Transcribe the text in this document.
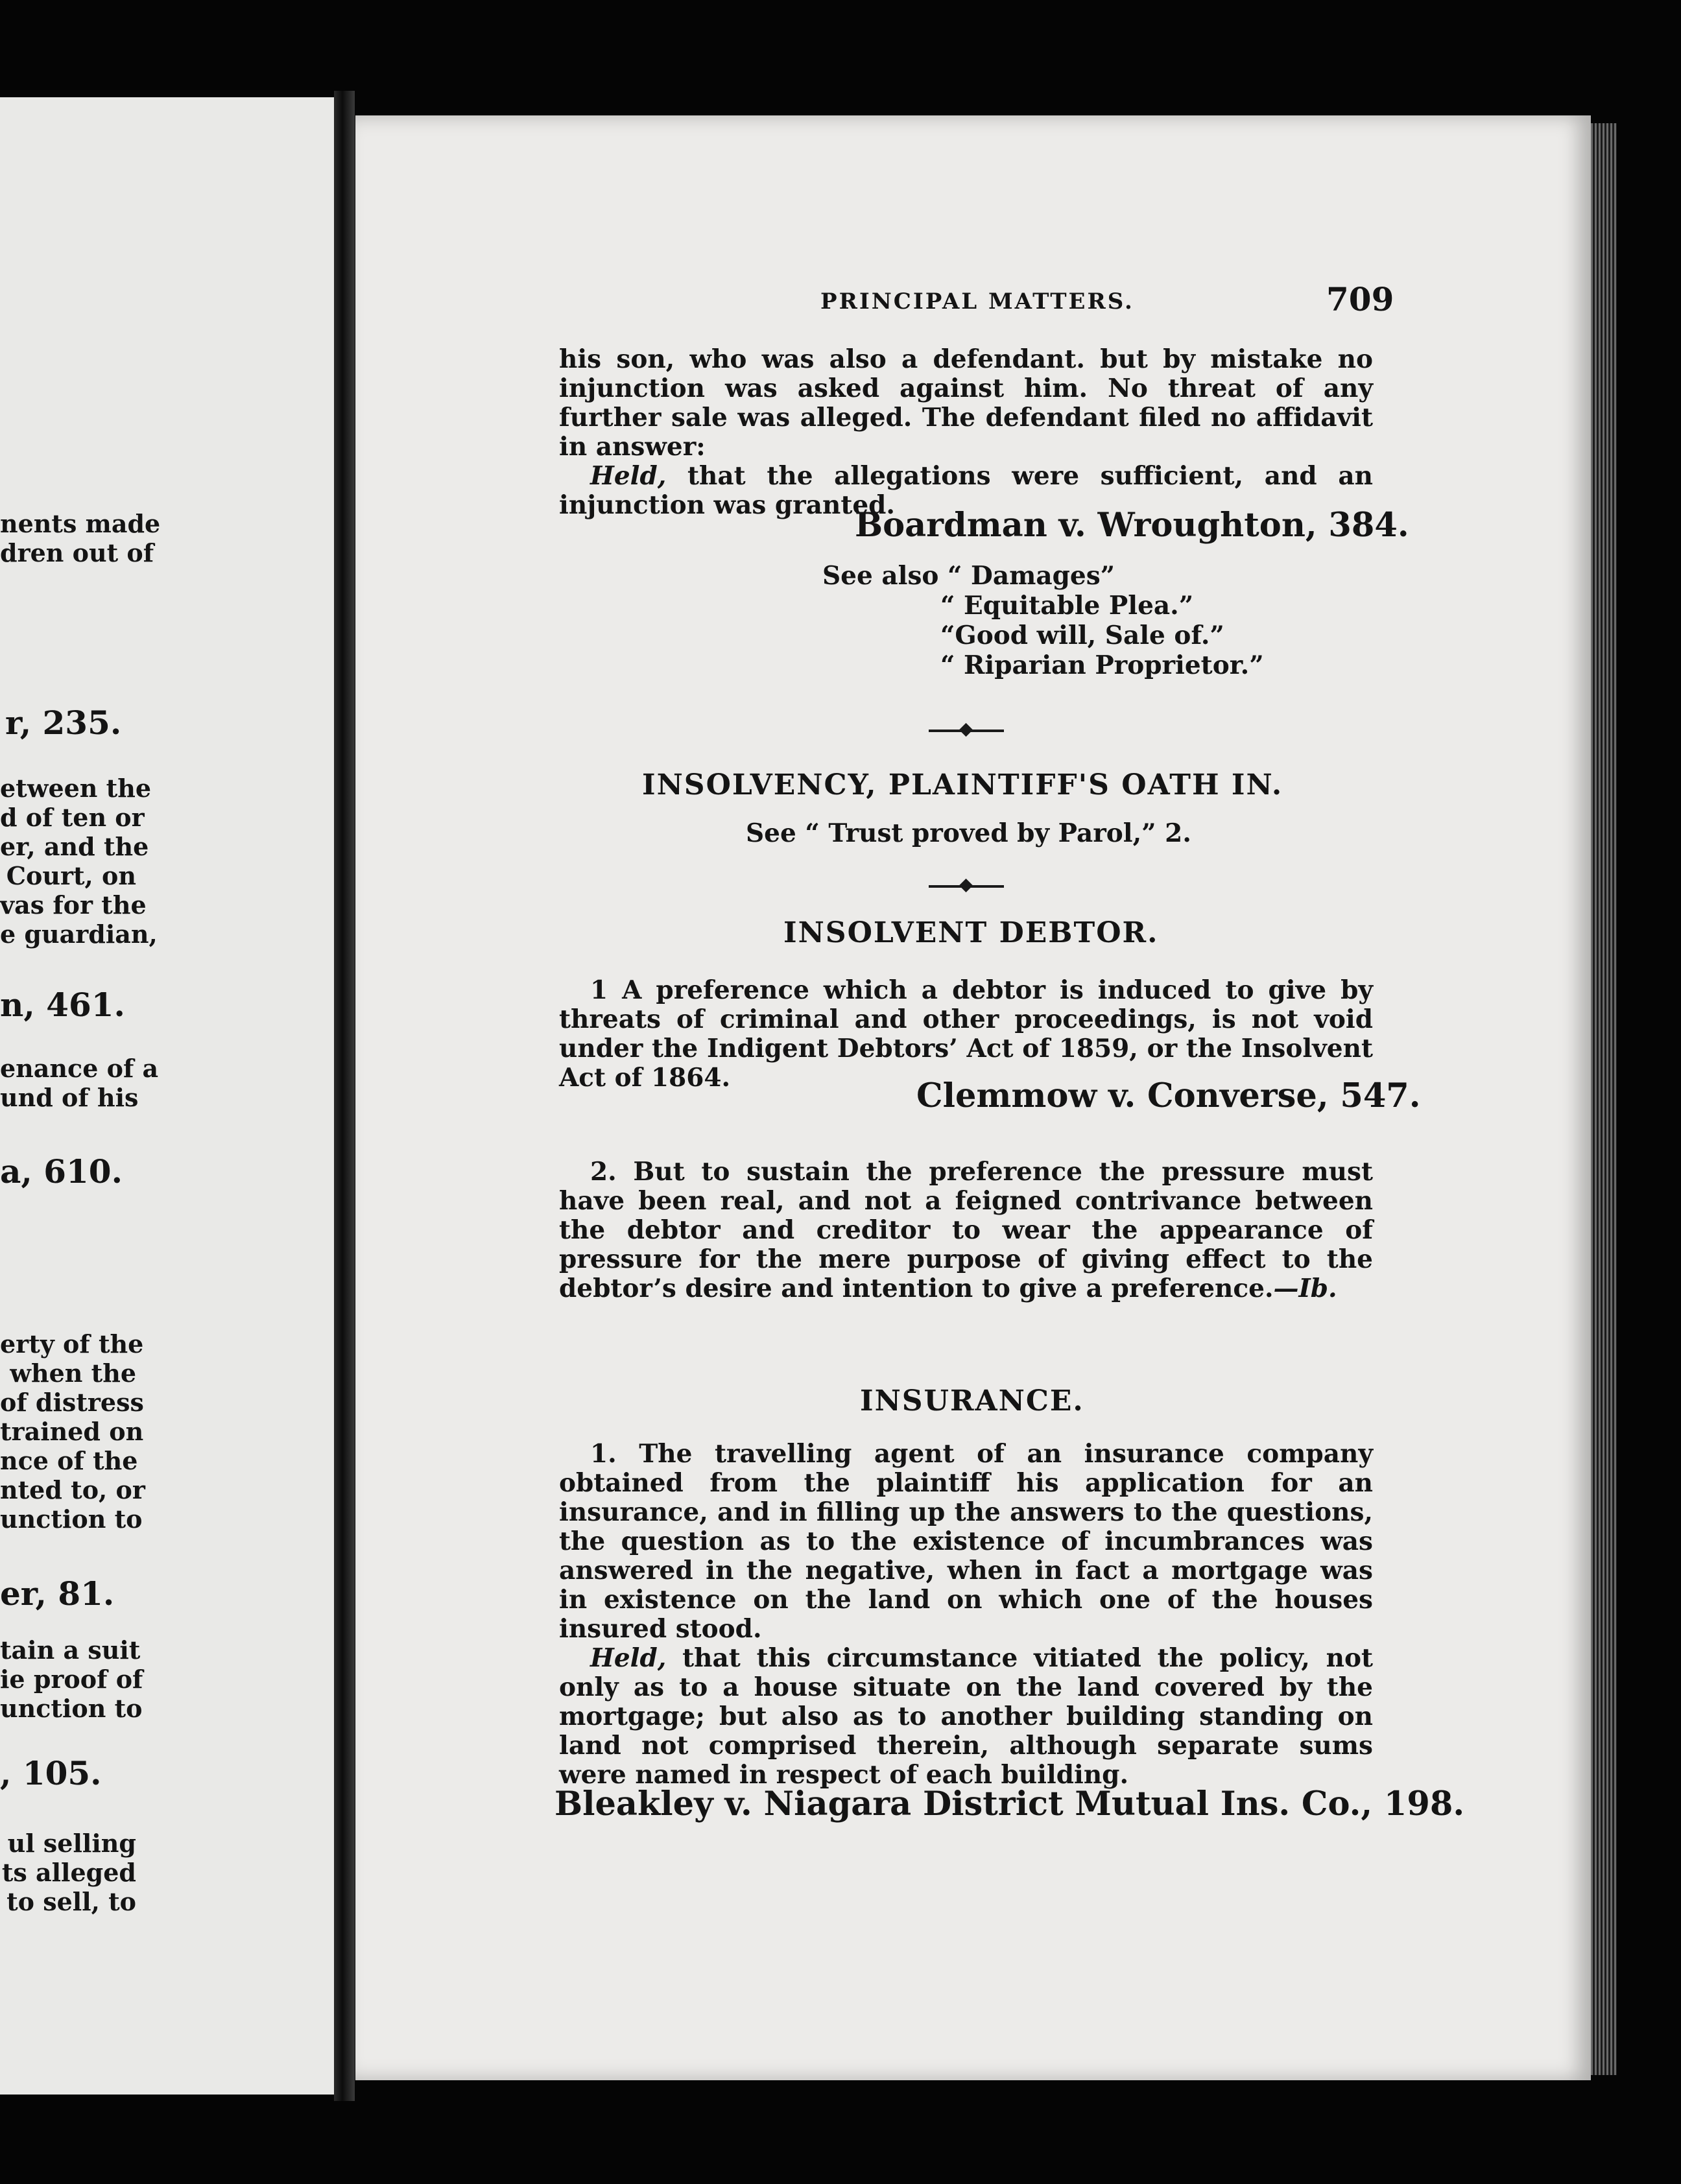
nents made

dren out of

r, 235.

etween the

d of ten or

er, and the

Court, on

vas for the

e guardian,

n, 461.

enance of a

und of his

a, 610.

erty of the

when the

of distress

trained on

nce of the

nted to, or

unction to

er, 81.

tain a suit

ie proof of

unction to

, 105.

ul selling

ts alleged

to sell, to

PRINCIPAL MATTERS.	709

his son, who was also a defendant. but by mistake no injunction was asked against him. No threat of any further sale was alleged. The defendant filed no affidavit in answer:

Held, that the allegations were sufficient, and an injunction was granted.

Boardman v. Wroughton, 384.
See also “ Damages”
“ Equitable Plea.”
“Good will, Sale of.”
“ Riparian Proprietor.”
INSOLVENCY, PLAINTIFF'S OATH IN.
See “ Trust proved by Parol,” 2.
INSOLVENT DEBTOR.

1 A preference which a debtor is induced to give by threats of criminal and other proceedings, is not void under the Indigent Debtors’ Act of 1859, or the Insolvent Act of 1864.	Clemmow v. Converse, 547.

2. But to sustain the preference the pressure must have been real, and not a feigned contrivance between the debtor and creditor to wear the appearance of pressure for the mere purpose of giving effect to the debtor’s desire and intention to give a preference.—Ib.

INSURANCE.

1. The travelling agent of an insurance company obtained from the plaintiff his application for an insurance, and in filling up the answers to the questions, the question as to the existence of incumbrances was answered in the negative, when in fact a mortgage was in existence on the land on which one of the houses insured stood.

Held, that this circumstance vitiated the policy, not only as to a house situate on the land covered by the mortgage; but also as to another building standing on land not comprised therein, although separate sums were named in respect of each building.

Bleakley v. Niagara District Mutual Ins. Co., 198.
